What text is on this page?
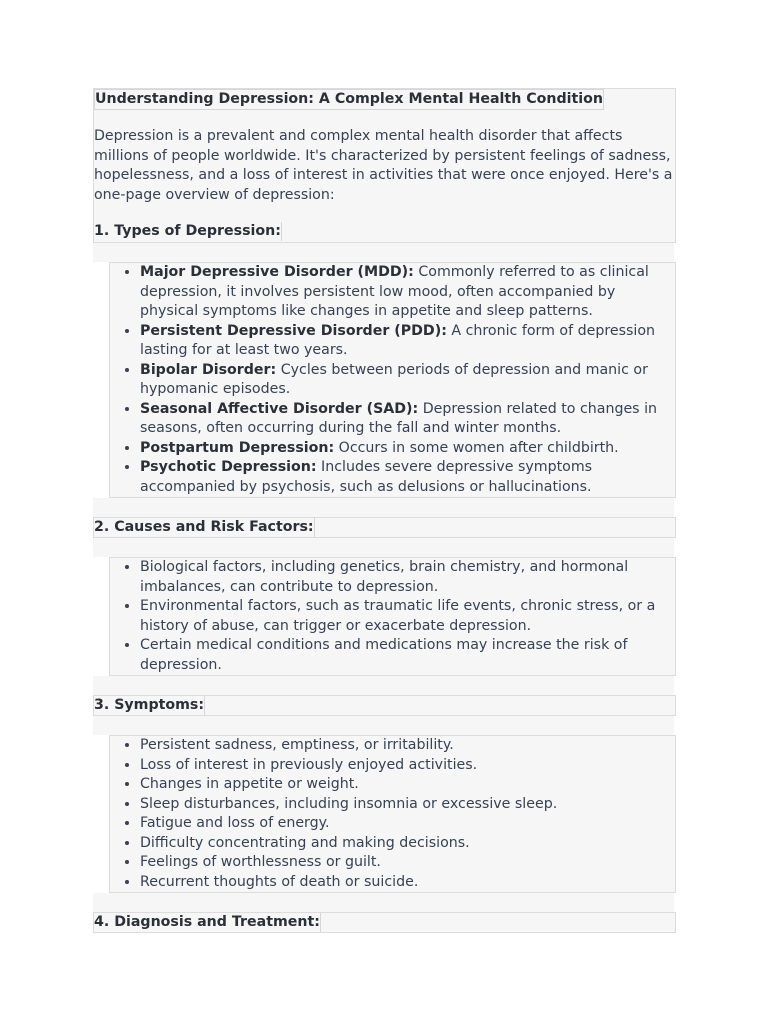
Understanding Depression: A Complex Mental Health Condition

Depression is a prevalent and complex mental health disorder that affects millions of people worldwide. It's characterized by persistent feelings of sadness, hopelessness, and a loss of interest in activities that were once enjoyed. Here's a one-page overview of depression:

1. Types of Depression:
• Major Depressive Disorder (MDD): Commonly referred to as clinical depression, it involves persistent low mood, often accompanied by physical symptoms like changes in appetite and sleep patterns.
• Persistent Depressive Disorder (PDD): A chronic form of depression lasting for at least two years.
• Bipolar Disorder: Cycles between periods of depression and manic or hypomanic episodes.
• Seasonal Affective Disorder (SAD): Depression related to changes in seasons, often occurring during the fall and winter months.
• Postpartum Depression: Occurs in some women after childbirth.
• Psychotic Depression: Includes severe depressive symptoms accompanied by psychosis, such as delusions or hallucinations.
2. Causes and Risk Factors:
• Biological factors, including genetics, brain chemistry, and hormonal imbalances, can contribute to depression.
• Environmental factors, such as traumatic life events, chronic stress, or a history of abuse, can trigger or exacerbate depression.
• Certain medical conditions and medications may increase the risk of depression.
3. Symptoms:
• Persistent sadness, emptiness, or irritability.
• Loss of interest in previously enjoyed activities.
• Changes in appetite or weight.
• Sleep disturbances, including insomnia or excessive sleep.
• Fatigue and loss of energy.
• Difficulty concentrating and making decisions.
• Feelings of worthlessness or guilt.
• Recurrent thoughts of death or suicide.
4. Diagnosis and Treatment:
